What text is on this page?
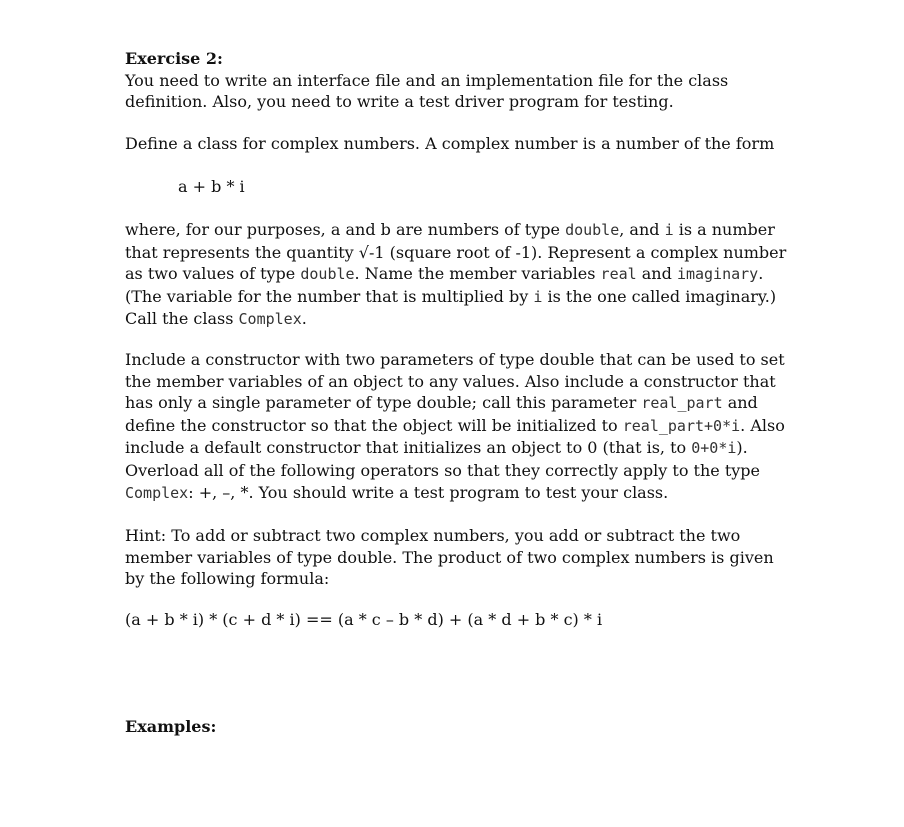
Exercise 2:

You need to write an interface file and an implementation file for the class

definition. Also, you need to write a test driver program for testing.

Define a class for complex numbers. A complex number is a number of the form

a + b * i

where, for our purposes, a and b are numbers of type double, and i is a number that represents the quantity √-1 (square root of -1). Represent a complex number as two values of type double. Name the member variables real and imaginary. (The variable for the number that is multiplied by i is the one called imaginary.) Call the class Complex.

Include a constructor with two parameters of type double that can be used to set the member variables of an object to any values. Also include a constructor that has only a single parameter of type double; call this parameter real_part and define the constructor so that the object will be initialized to real_part+0*i. Also include a default constructor that initializes an object to 0 (that is, to 0+0*i). Overload all of the following operators so that they correctly apply to the type Complex: +, –, *. You should write a test program to test your class.

Hint: To add or subtract two complex numbers, you add or subtract the two member variables of type double. The product of two complex numbers is given by the following formula:

(a + b * i) * (c + d * i) == (a * c – b * d) + (a * d + b * c) * i

Examples:
